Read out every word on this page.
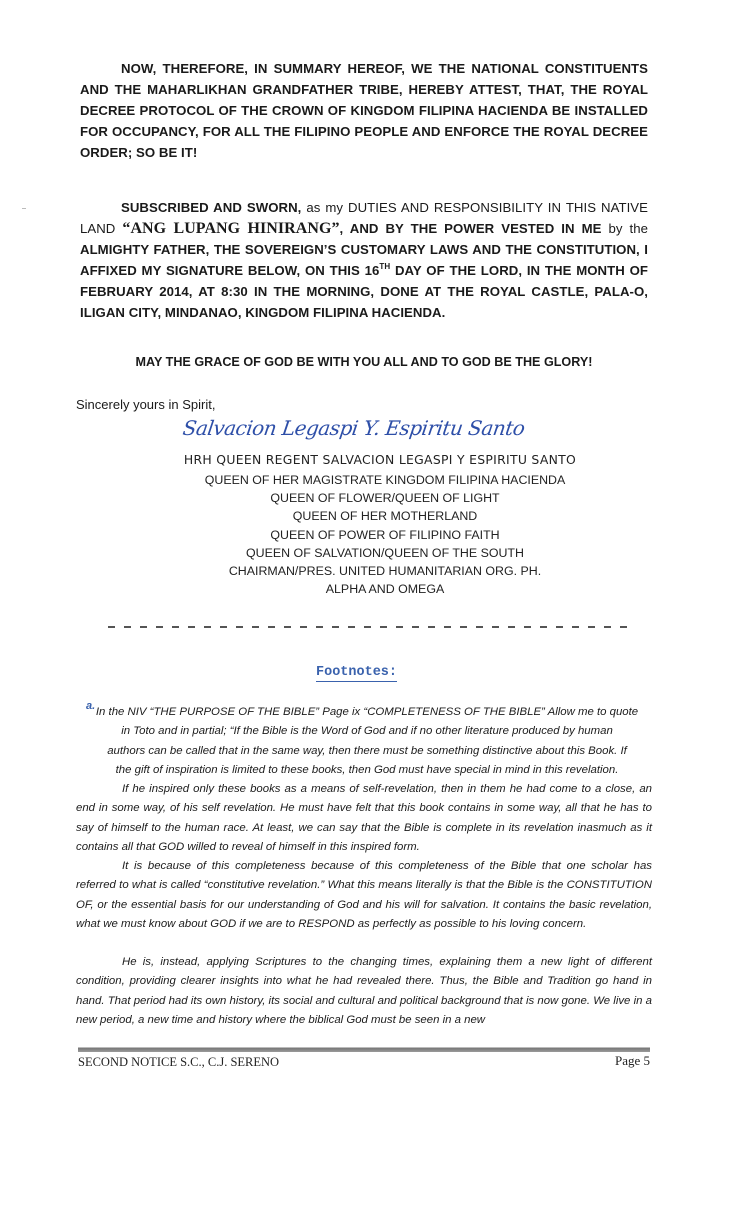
NOW, THEREFORE, IN SUMMARY HEREOF, WE THE NATIONAL CONSTITUENTS AND THE MAHARLIKHAN GRANDFATHER TRIBE, HEREBY ATTEST, THAT, THE ROYAL DECREE PROTOCOL OF THE CROWN OF KINGDOM FILIPINA HACIENDA BE INSTALLED FOR OCCUPANCY, FOR ALL THE FILIPINO PEOPLE AND ENFORCE THE ROYAL DECREE ORDER; SO BE IT!

SUBSCRIBED AND SWORN, as my DUTIES AND RESPONSIBILITY IN THIS NATIVE LAND “ANG LUPANG HINIRANG”, AND BY THE POWER VESTED IN ME by the ALMIGHTY FATHER, THE SOVEREIGN’S CUSTOMARY LAWS AND THE CONSTITUTION, I AFFIXED MY SIGNATURE BELOW, ON THIS 16TH DAY OF THE LORD, IN THE MONTH OF FEBRUARY 2014, AT 8:30 IN THE MORNING, DONE AT THE ROYAL CASTLE, PALA-O, ILIGAN CITY, MINDANAO, KINGDOM FILIPINA HACIENDA.

MAY THE GRACE OF GOD BE WITH YOU ALL AND TO GOD BE THE GLORY!
Sincerely yours in Spirit,
Salvacion Legaspi Y. Espiritu Santo
HRH QUEEN REGENT SALVACION LEGASPI Y ESPIRITU SANTO
QUEEN OF HER MAGISTRATE KINGDOM FILIPINA HACIENDA
QUEEN OF FLOWER/QUEEN OF LIGHT
QUEEN OF HER MOTHERLAND
QUEEN OF POWER OF FILIPINO FAITH
QUEEN OF SALVATION/QUEEN OF THE SOUTH
CHAIRMAN/PRES. UNITED HUMANITARIAN ORG. PH.
ALPHA AND OMEGA
Footnotes:
a. In the NIV “THE PURPOSE OF THE BIBLE” Page ix “COMPLETENESS OF THE BIBLE” Allow me to quote
in Toto and in partial; “If the Bible is the Word of God and if no other literature produced by human
authors can be called that in the same way, then there must be something distinctive about this Book. If
the gift of inspiration is limited to these books, then God must have special in mind in this revelation.

If he inspired only these books as a means of self-revelation, then in them he had come to a close, an end in some way, of his self revelation. He must have felt that this book contains in some way, all that he has to say of himself to the human race. At least, we can say that the Bible is complete in its revelation inasmuch as it contains all that GOD willed to reveal of himself in this inspired form.

It is because of this completeness because of this completeness of the Bible that one scholar has referred to what is called “constitutive revelation.” What this means literally is that the Bible is the CONSTITUTION OF, or the essential basis for our understanding of God and his will for salvation. It contains the basic revelation, what we must know about GOD if we are to RESPOND as perfectly as possible to his loving concern.

He is, instead, applying Scriptures to the changing times, explaining them a new light of different condition, providing clearer insights into what he had revealed there. Thus, the Bible and Tradition go hand in hand. That period had its own history, its social and cultural and political background that is now gone. We live in a new period, a new time and history where the biblical God must be seen in a new

SECOND NOTICE S.C., C.J. SERENO	Page 5
